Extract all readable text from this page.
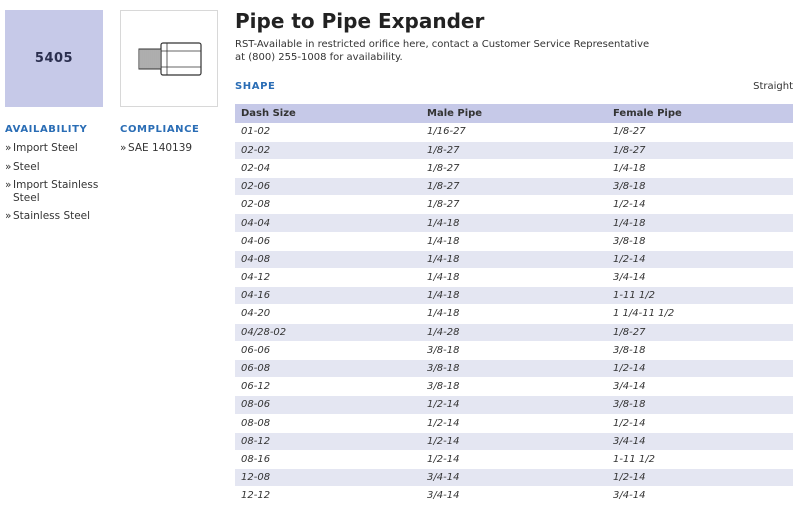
5405
AVAILABILITY
» Import Steel
» Steel
» Import Stainless Steel
» Stainless Steel
COMPLIANCE
» SAE 140139
Pipe to Pipe Expander

RST-Available in restricted orifice here, contact a Customer Service Representative at (800) 255-1008 for availability.

SHAPE	Straight
Dash Size	Male Pipe	Female Pipe
01-02	1/16-27	1/8-27
02-02	1/8-27	1/8-27
02-04	1/8-27	1/4-18
02-06	1/8-27	3/8-18
02-08	1/8-27	1/2-14
04-04	1/4-18	1/4-18
04-06	1/4-18	3/8-18
04-08	1/4-18	1/2-14
04-12	1/4-18	3/4-14
04-16	1/4-18	1-11 1/2
04-20	1/4-18	1 1/4-11 1/2
04/28-02	1/4-28	1/8-27
06-06	3/8-18	3/8-18
06-08	3/8-18	1/2-14
06-12	3/8-18	3/4-14
08-06	1/2-14	3/8-18
08-08	1/2-14	1/2-14
08-12	1/2-14	3/4-14
08-16	1/2-14	1-11 1/2
12-08	3/4-14	1/2-14
12-12	3/4-14	3/4-14
